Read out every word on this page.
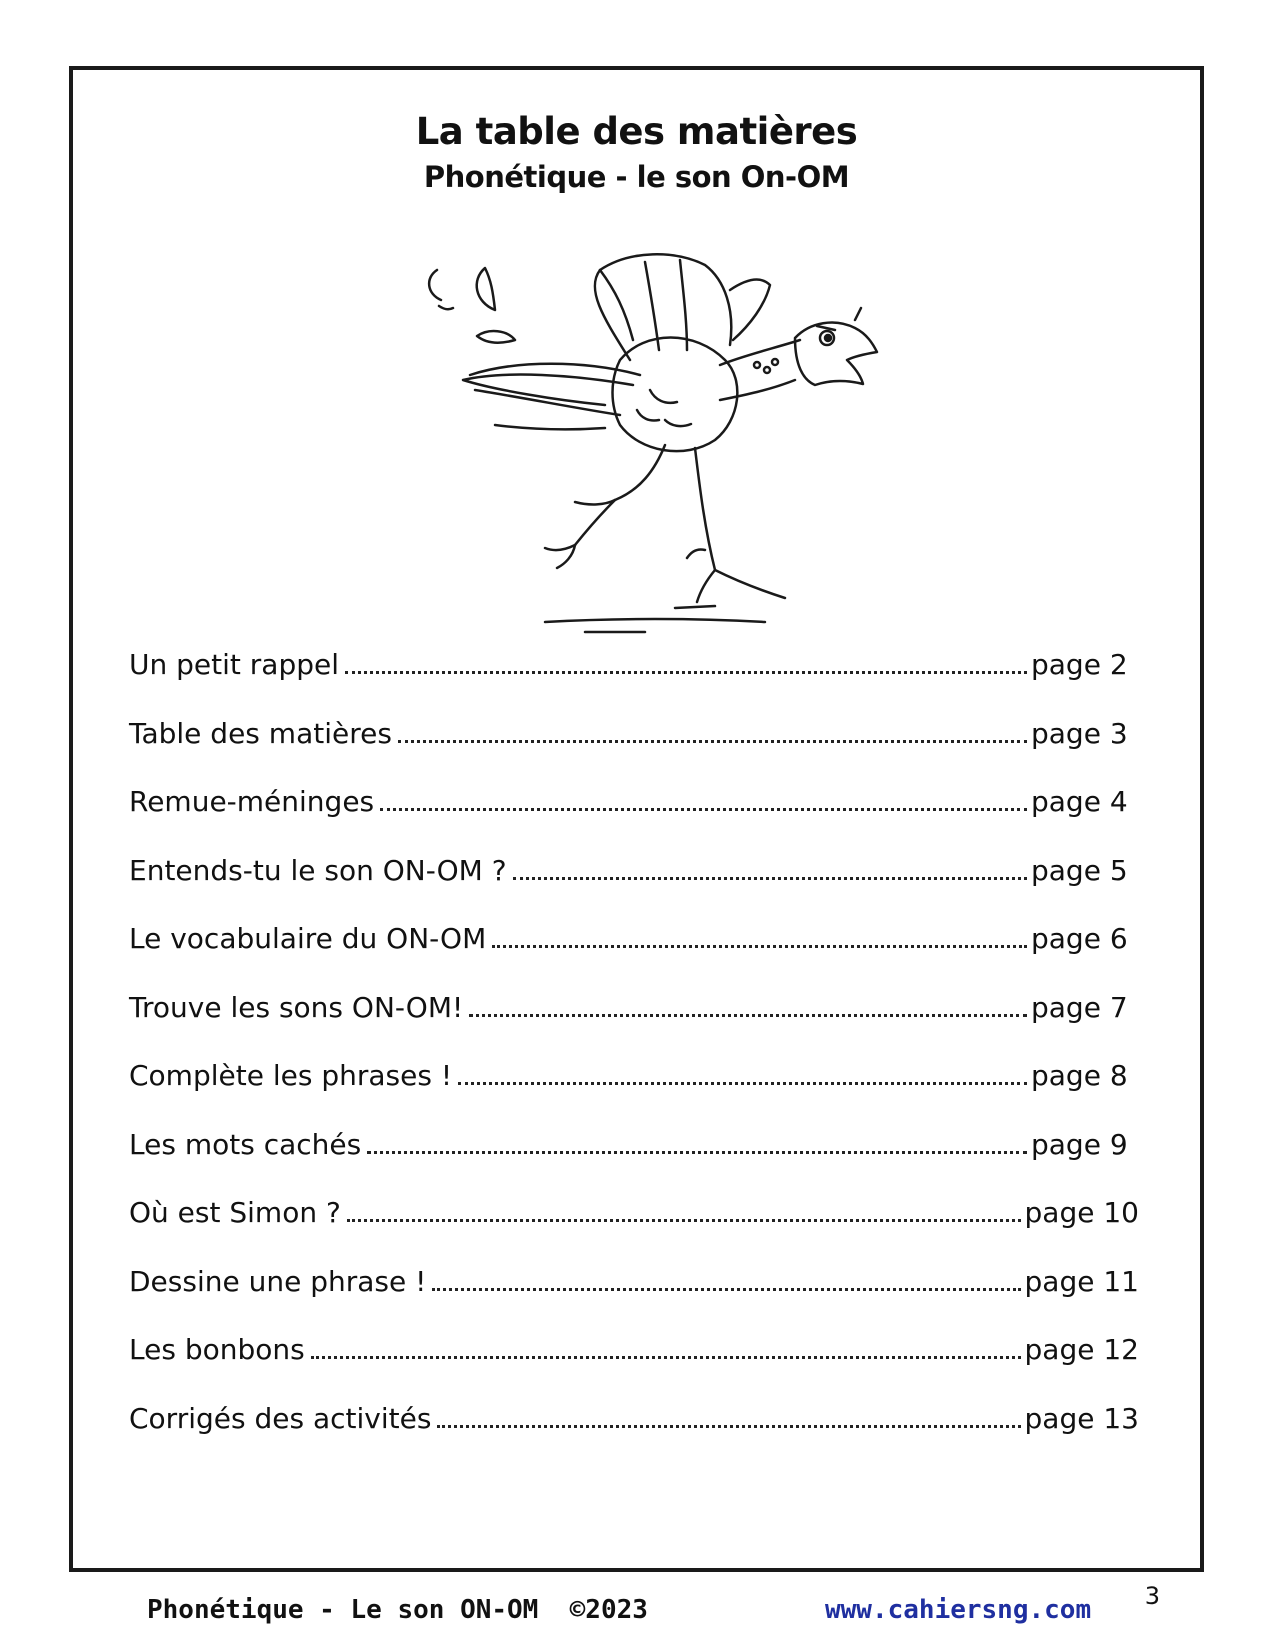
La table des matières
Phonétique - le son On-OM
Un petit rappel	page 2
Table des matières	page 3
Remue-méninges	page 4
Entends-tu le son ON-OM ?	page 5
Le vocabulaire du ON-OM	page 6
Trouve les sons ON-OM!	page 7
Complète les phrases !	page 8
Les mots cachés	page 9
Où est Simon ?	page 10
Dessine une phrase !	page 11
Les bonbons	page 12
Corrigés des activités	page 13
Phonétique - Le son ON-OM  ©2023	www.cahiersng.com 3
